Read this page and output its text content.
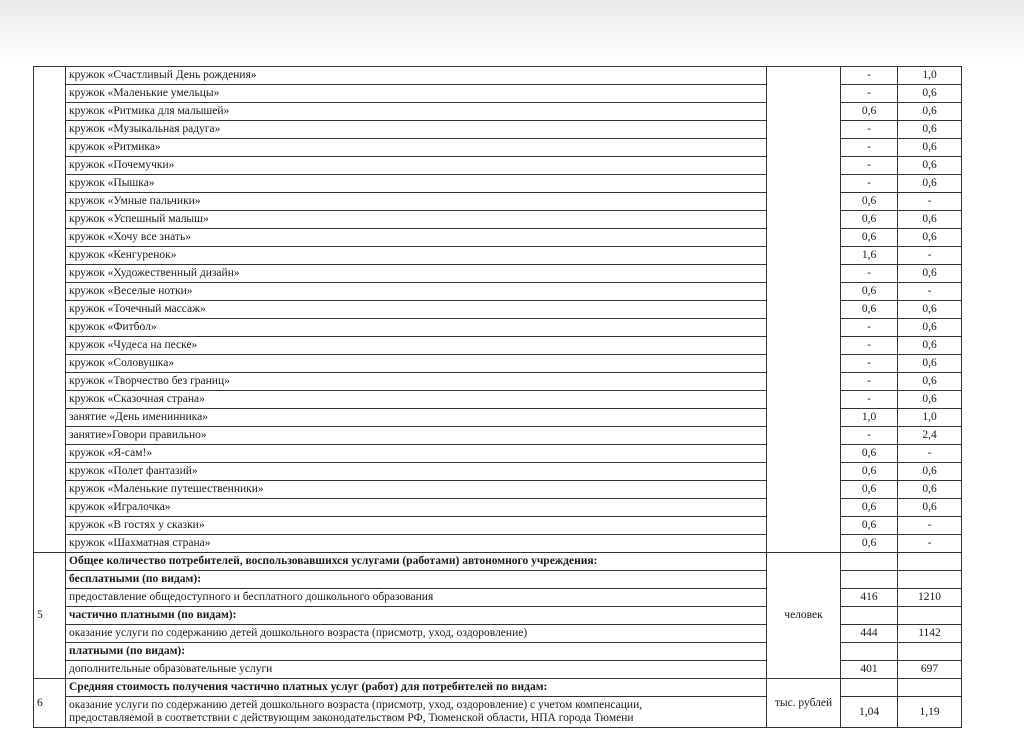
	кружок «Счастливый День рождения»		-	1,0
	кружок «Маленькие умельцы»		-	0,6
	кружок «Ритмика для малышей»		0,6	0,6
	кружок «Музыкальная радуга»		-	0,6
	кружок «Ритмика»		-	0,6
	кружок «Почемучки»		-	0,6
	кружок «Пышка»		-	0,6
	кружок «Умные пальчики»		0,6	-
	кружок «Успешный малыш»		0,6	0,6
	кружок «Хочу все знать»		0,6	0,6
	кружок «Кенгуренок»		1,6	-
	кружок «Художественный дизайн»		-	0,6
	кружок «Веселые нотки»		0,6	-
	кружок «Точечный массаж»		0,6	0,6
	кружок «Фитбол»		-	0,6
	кружок «Чудеса на песке»		-	0,6
	кружок «Соловушка»		-	0,6
	кружок «Творчество без границ»		-	0,6
	кружок «Сказочная страна»		-	0,6
	занятие «День именинника»		1,0	1,0
	занятие»Говори правильно»		-	2,4
	кружок «Я-сам!»		0,6	-
	кружок «Полет фантазий»		0,6	0,6
	кружок «Маленькие путешественники»		0,6	0,6
	кружок «Игралочка»		0,6	0,6
	кружок «В гостях у сказки»		0,6	-
	кружок «Шахматная страна»		0,6	-
5	Общее количество потребителей, воспользовавшихся услугами (работами) автономного учреждения:	человек		
	бесплатными (по видам):			
	предоставление общедоступного и бесплатного дошкольного образования		416	1210
	частично платными (по видам):			
	оказание услуги по содержанию детей дошкольного возраста (присмотр, уход, оздоровление)		444	1142
	платными (по видам):			
	дополнительные образовательные услуги		401	697
6	Средняя стоимость получения частично платных услуг (работ) для потребителей по видам:	тыс. рублей		
	оказание услуги по содержанию детей дошкольного возраста (присмотр, уход, оздоровление) с учетом компенсации,
предоставляемой в соответствии с действующим законодательством РФ, Тюменской области, НПА города Тюмени		1,04	1,19
